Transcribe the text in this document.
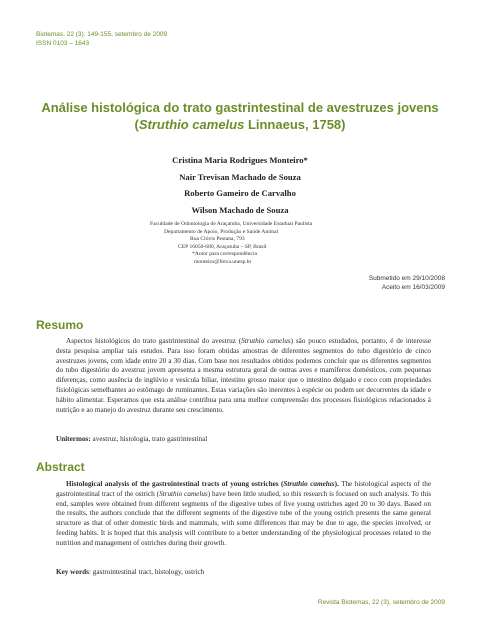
Biotemas, 22 (3): 149-155, setembro de 2009
ISSN 0103 – 1643
Análise histológica do trato gastrintestinal de avestruzes jovens
(Struthio camelus Linnaeus, 1758)
Cristina Maria Rodrigues Monteiro*
Nair Trevisan Machado de Souza
Roberto Gameiro de Carvalho
Wilson Machado de Souza
Faculdade de Odontologia de Araçatuba, Universidade Estadual Paulista
Departamento de Apoio, Produção e Saúde Animal
Rua Clóvis Pestana, 793
CEP 16050-680, Araçatuba – SP, Brasil
*Autor para correspondência
monteiro@fmva.unesp.br
Submetido em 29/10/2008
Aceito em 16/03/2009
Resumo

Aspectos histológicos do trato gastrintestinal do avestruz (Struthio camelus) são pouco estudados, portanto, é de interesse desta pesquisa ampliar tais estudos. Para isso foram obtidas amostras de diferentes segmentos do tubo digestório de cinco avestruzes jovens, com idade entre 20 a 30 dias. Com base nos resultados obtidos podemos concluir que os diferentes segmentos do tubo digestório do avestruz jovem apresenta a mesma estrutura geral de outras aves e mamíferos domésticos, com pequenas diferenças, como ausência de inglúvio e vesícula biliar, intestino grosso maior que o intestino delgado e ceco com propriedades fisiológicas semelhantes ao estômago de ruminantes. Estas variações são inerentes à espécie ou podem ser decorrentes da idade e hábito alimentar. Esperamos que esta análise contribua para uma melhor compreensão dos processos fisiológicos relacionados à nutrição e ao manejo do avestruz durante seu crescimento.

Unitermos: avestruz, histologia, trato gastrintestinal
Abstract

Histological analysis of the gastrointestinal tracts of young ostriches (Struthio camelus). The histological aspects of the gastrointestinal tract of the ostrich (Struthio camelus) have been little studied, so this research is focused on such analysis. To this end, samples were obtained from different segments of the digestive tubes of five young ostriches aged 20 to 30 days. Based on the results, the authors conclude that the different segments of the digestive tube of the young ostrich presents the same general structure as that of other domestic birds and mammals, with some differences that may be due to age, the species involved, or feeding habits. It is hoped that this analysis will contribute to a better understanding of the physiological processes related to the nutrition and management of ostriches during their growth.

Key words: gastrointestinal tract, histology, ostrich
Revista Biotemas, 22 (3), setembro de 2009
